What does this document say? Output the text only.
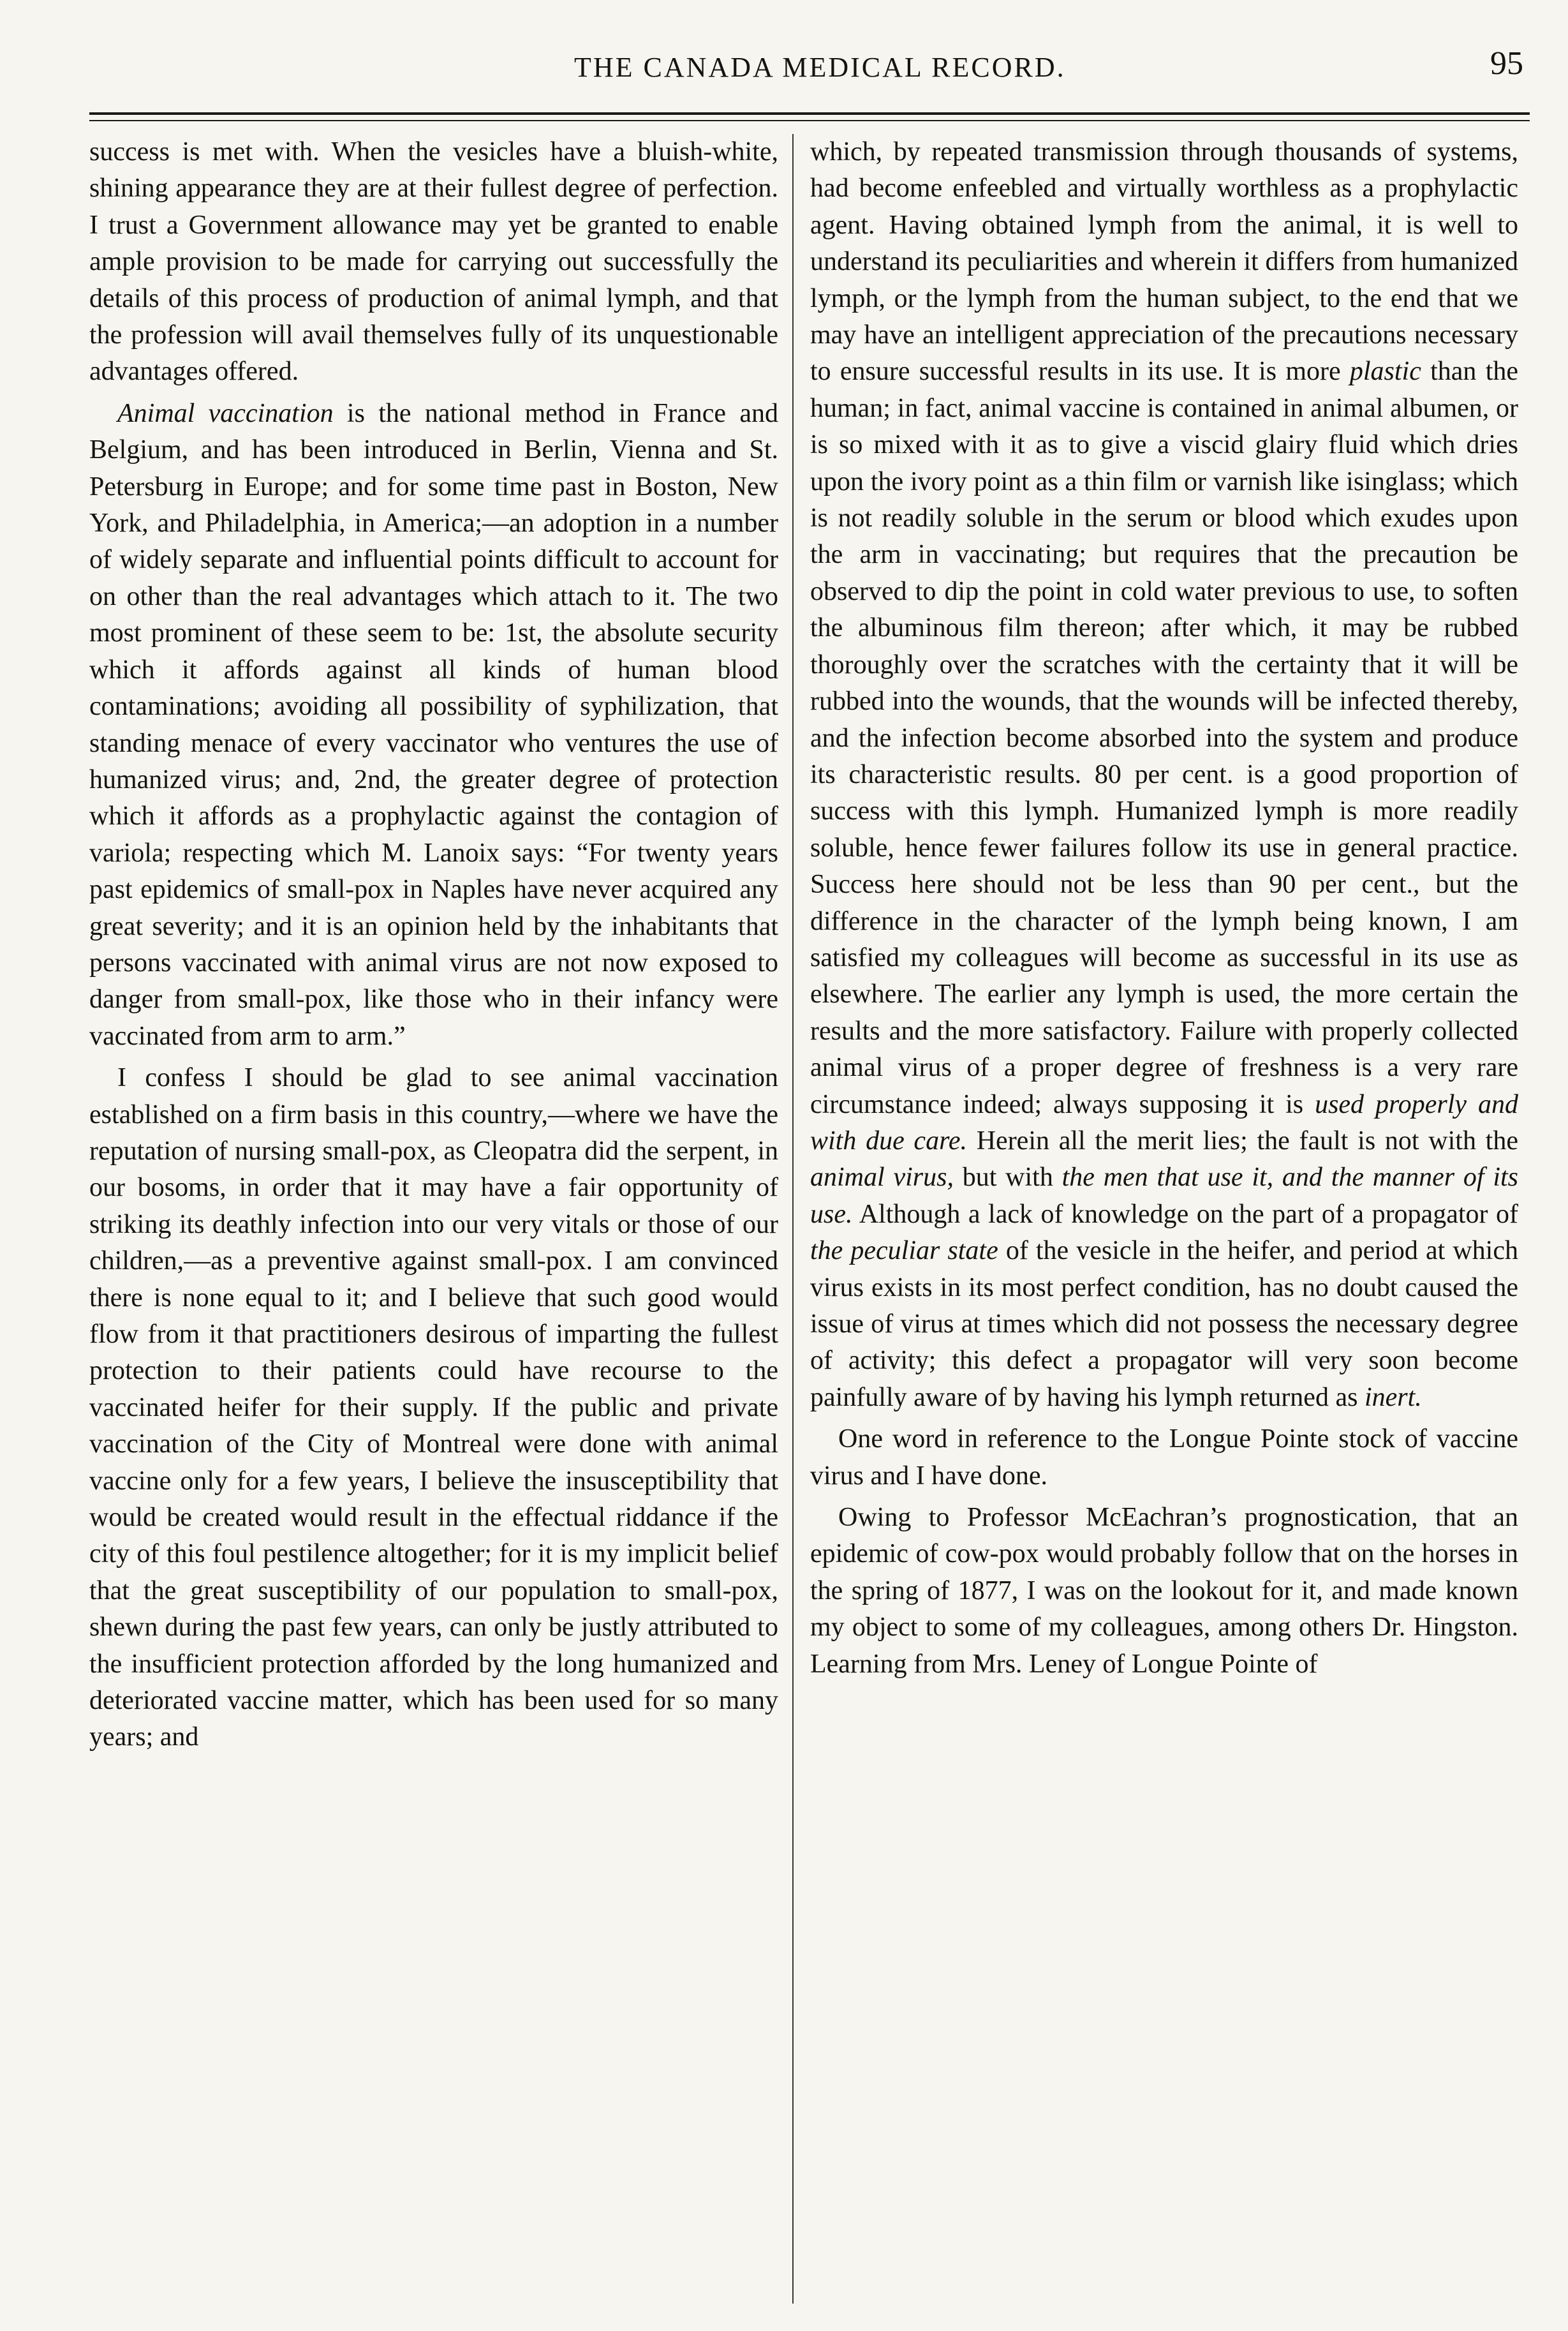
THE CANADA MEDICAL RECORD.	95

success is met with. When the vesicles have a bluish-white, shining appearance they are at their fullest degree of perfection. I trust a Government allowance may yet be granted to enable ample provision to be made for carrying out successfully the details of this process of production of animal lymph, and that the profession will avail themselves fully of its unquestionable advantages offered.

Animal vaccination is the national method in France and Belgium, and has been introduced in Berlin, Vienna and St. Petersburg in Europe; and for some time past in Boston, New York, and Philadelphia, in America;—an adoption in a number of widely separate and influential points difficult to account for on other than the real advantages which attach to it. The two most prominent of these seem to be: 1st, the absolute security which it affords against all kinds of human blood contaminations; avoiding all possibility of syphilization, that standing menace of every vaccinator who ventures the use of humanized virus; and, 2nd, the greater degree of protection which it affords as a prophylactic against the contagion of variola; respecting which M. Lanoix says: “For twenty years past epidemics of small-pox in Naples have never acquired any great severity; and it is an opinion held by the inhabitants that persons vaccinated with animal virus are not now exposed to danger from small-pox, like those who in their infancy were vaccinated from arm to arm.”

I confess I should be glad to see animal vaccination established on a firm basis in this country,—where we have the reputation of nursing small-pox, as Cleopatra did the serpent, in our bosoms, in order that it may have a fair opportunity of striking its deathly infection into our very vitals or those of our children,—as a preventive against small-pox. I am convinced there is none equal to it; and I believe that such good would flow from it that practitioners desirous of imparting the fullest protection to their patients could have recourse to the vaccinated heifer for their supply. If the public and private vaccination of the City of Montreal were done with animal vaccine only for a few years, I believe the insusceptibility that would be created would result in the effectual riddance if the city of this foul pestilence altogether; for it is my implicit belief that the great susceptibility of our population to small-pox, shewn during the past few years, can only be justly attributed to the insufficient protection afforded by the long humanized and deteriorated vaccine matter, which has been used for so many years; and

which, by repeated transmission through thousands of systems, had become enfeebled and virtually worthless as a prophylactic agent. Having obtained lymph from the animal, it is well to understand its peculiarities and wherein it differs from humanized lymph, or the lymph from the human subject, to the end that we may have an intelligent appreciation of the precautions necessary to ensure successful results in its use. It is more plastic than the human; in fact, animal vaccine is contained in animal albumen, or is so mixed with it as to give a viscid glairy fluid which dries upon the ivory point as a thin film or varnish like isinglass; which is not readily soluble in the serum or blood which exudes upon the arm in vaccinating; but requires that the precaution be observed to dip the point in cold water previous to use, to soften the albuminous film thereon; after which, it may be rubbed thoroughly over the scratches with the certainty that it will be rubbed into the wounds, that the wounds will be infected thereby, and the infection become absorbed into the system and produce its characteristic results. 80 per cent. is a good proportion of success with this lymph. Humanized lymph is more readily soluble, hence fewer failures follow its use in general practice. Success here should not be less than 90 per cent., but the difference in the character of the lymph being known, I am satisfied my colleagues will become as successful in its use as elsewhere. The earlier any lymph is used, the more certain the results and the more satisfactory. Failure with properly collected animal virus of a proper degree of freshness is a very rare circumstance indeed; always supposing it is used properly and with due care. Herein all the merit lies; the fault is not with the animal virus, but with the men that use it, and the manner of its use. Although a lack of knowledge on the part of a propagator of the peculiar state of the vesicle in the heifer, and period at which virus exists in its most perfect condition, has no doubt caused the issue of virus at times which did not possess the necessary degree of activity; this defect a propagator will very soon become painfully aware of by having his lymph returned as inert.

One word in reference to the Longue Pointe stock of vaccine virus and I have done.

Owing to Professor McEachran’s prognostication, that an epidemic of cow-pox would probably follow that on the horses in the spring of 1877, I was on the lookout for it, and made known my object to some of my colleagues, among others Dr. Hingston. Learning from Mrs. Leney of Longue Pointe of
